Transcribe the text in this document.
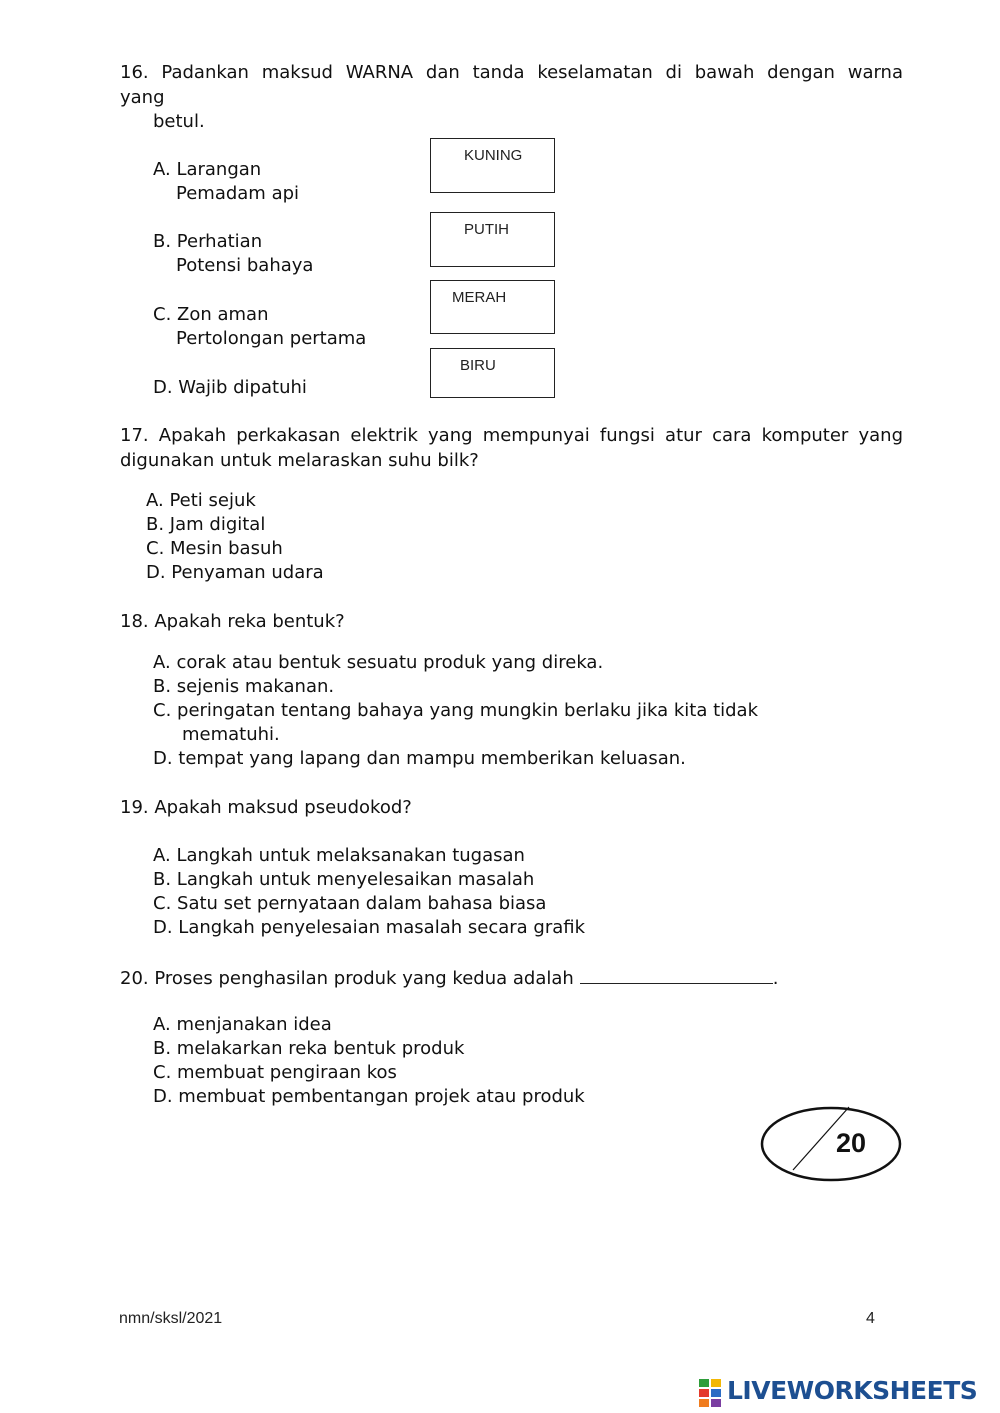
16. Padankan maksud WARNA dan tanda keselamatan di bawah dengan warna
yang
betul.
A. Larangan
Pemadam api
B. Perhatian
Potensi bahaya
C. Zon aman
Pertolongan pertama
D. Wajib dipatuhi
KUNING
PUTIH
MERAH
BIRU
17. Apakah perkakasan elektrik yang mempunyai fungsi atur cara komputer yang
digunakan untuk melaraskan suhu bilk?
A. Peti sejuk
B. Jam digital
C. Mesin basuh
D. Penyaman udara
18. Apakah reka bentuk?
A. corak atau bentuk sesuatu produk yang direka.
B. sejenis makanan.
C. peringatan tentang bahaya yang mungkin berlaku jika kita tidak
mematuhi.
D. tempat yang lapang dan mampu memberikan keluasan.
19. Apakah maksud pseudokod?
A. Langkah untuk melaksanakan tugasan
B. Langkah untuk menyelesaikan masalah
C. Satu set pernyataan dalam bahasa biasa
D. Langkah penyelesaian masalah secara grafik
20. Proses penghasilan produk yang kedua adalah	.
A. menjanakan idea
B. melakarkan reka bentuk produk
C. membuat pengiraan kos
D. membuat pembentangan projek atau produk
20
nmn/sksl/2021	4
LIVEWORKSHEETS
